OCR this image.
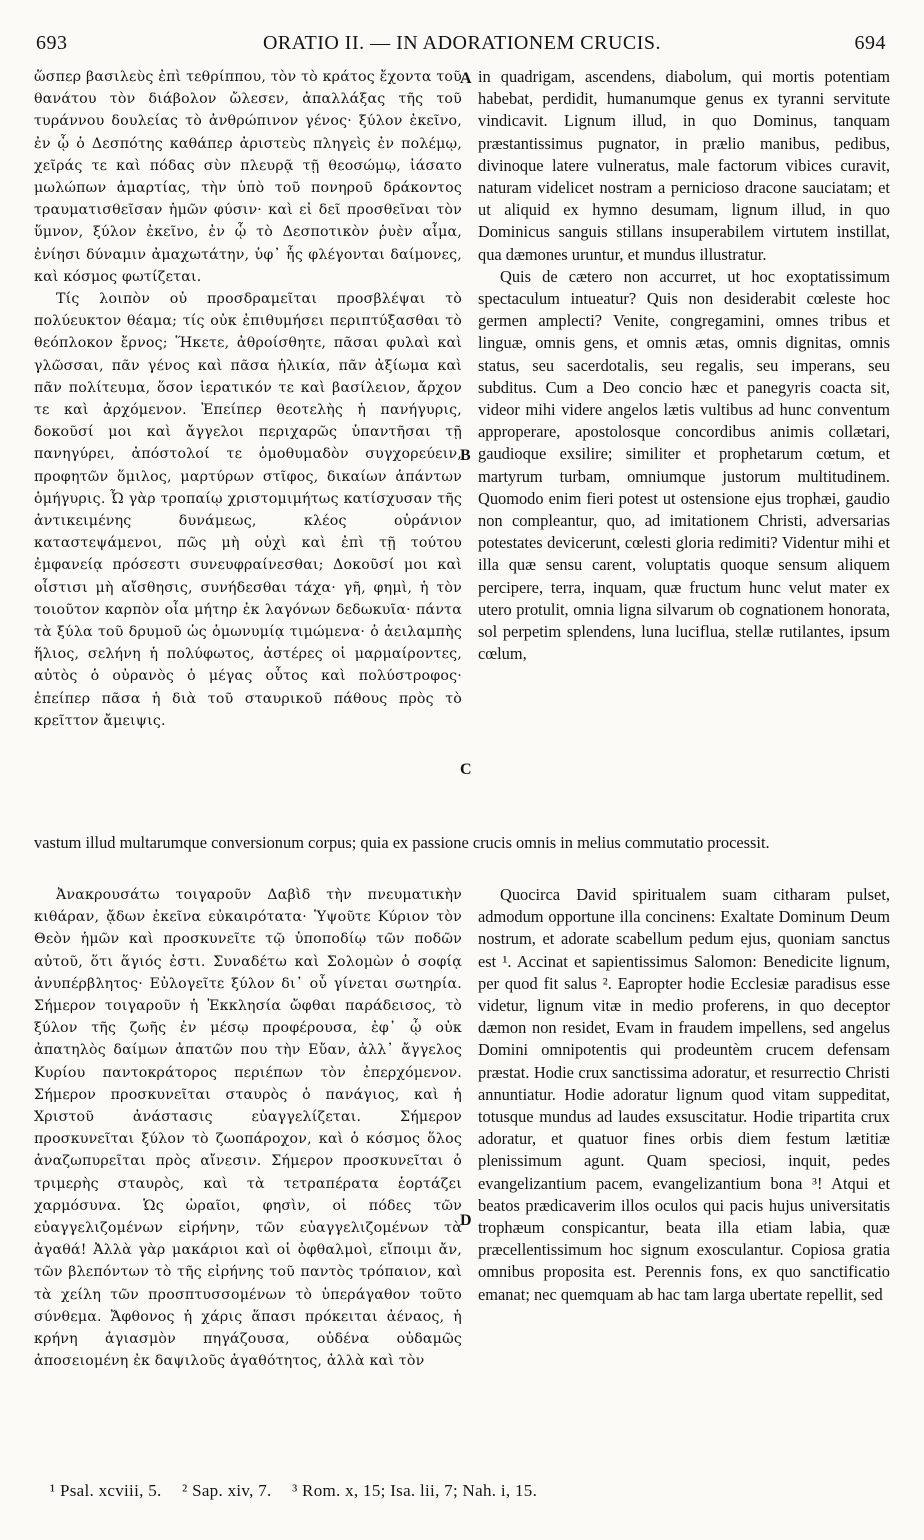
693	ORATIO II. — IN ADORATIONEM CRUCIS.	694

ὥσπερ βασιλεὺς ἐπὶ τεθρίππου, τὸν τὸ κράτος ἔχοντα τοῦ θανάτου τὸν διάβολον ὤλεσεν, ἀπαλλάξας τῆς τοῦ τυράννου δουλείας τὸ ἀνθρώπινον γένος· ξύλον ἐκεῖνο, ἐν ᾧ ὁ Δεσπότης καθάπερ ἀριστεὺς πληγεὶς ἐν πολέμῳ, χεῖράς τε καὶ πόδας σὺν πλευρᾷ τῇ θεοσώμῳ, ἰάσατο μωλώπων ἁμαρτίας, τὴν ὑπὸ τοῦ πονηροῦ δράκοντος τραυματισθεῖσαν ἡμῶν φύσιν· καὶ εἰ δεῖ προσθεῖναι τὸν ὕμνον, ξύλον ἐκεῖνο, ἐν ᾧ τὸ Δεσποτικὸν ῥυὲν αἷμα, ἐνίησι δύναμιν ἀμαχωτάτην, ὑφ᾽ ἧς φλέγονται δαίμονες, καὶ κόσμος φωτίζεται.

Τίς λοιπὸν οὐ προσδραμεῖται προσβλέψαι τὸ πολύευκτον θέαμα; τίς οὐκ ἐπιθυμήσει περιπτύξασθαι τὸ θεόπλοκον ἔρνος; Ἥκετε, ἀθροίσθητε, πᾶσαι φυλαὶ καὶ γλῶσσαι, πᾶν γένος καὶ πᾶσα ἡλικία, πᾶν ἀξίωμα καὶ πᾶν πολίτευμα, ὅσον ἱερατικόν τε καὶ βασίλειον, ἄρχον τε καὶ ἀρχόμενον. Ἐπείπερ θεοτελὴς ἡ πανήγυρις, δοκοῦσί μοι καὶ ἄγγελοι περιχαρῶς ὑπαντῆσαι τῇ πανηγύρει, ἀπόστολοί τε ὁμοθυμαδὸν συγχορεύειν, προφητῶν ὅμιλος, μαρτύρων στῖφος, δικαίων ἁπάντων ὁμήγυρις. Ὦ γὰρ τροπαίῳ χριστομιμήτως κατίσχυσαν τῆς ἀντικειμένης δυνάμεως, κλέος οὐράνιον καταστεψάμενοι, πῶς μὴ οὐχὶ καὶ ἐπὶ τῇ τούτου ἐμφανείᾳ πρόσεστι συνευφραίνεσθαι; Δοκοῦσί μοι καὶ οἷστισι μὴ αἴσθησις, συνήδεσθαι τάχα· γῆ, φημὶ, ἡ τὸν τοιοῦτον καρπὸν οἷα μήτηρ ἐκ λαγόνων δεδωκυῖα· πάντα τὰ ξύλα τοῦ δρυμοῦ ὡς ὁμωνυμίᾳ τιμώμενα· ὁ ἀειλαμπὴς ἥλιος, σελήνη ἡ πολύφωτος, ἀστέρες οἱ μαρμαίροντες, αὐτὸς ὁ οὐρανὸς ὁ μέγας οὗτος καὶ πολύστροφος· ἐπείπερ πᾶσα ἡ διὰ τοῦ σταυρικοῦ πάθους πρὸς τὸ κρεῖττον ἄμειψις.

in quadrigam, ascendens, diabolum, qui mortis potentiam habebat, perdidit, humanumque genus ex tyranni servitute vindicavit. Lignum illud, in quo Dominus, tanquam præstantissimus pugnator, in prælio manibus, pedibus, divinoque latere vulneratus, male factorum vibices curavit, naturam videlicet nostram a pernicioso dracone sauciatam; et ut aliquid ex hymno desumam, lignum illud, in quo Dominicus sanguis stillans insuperabilem virtutem instillat, qua dæmones uruntur, et mundus illustratur.

Quis de cætero non accurret, ut hoc exoptatissimum spectaculum intueatur? Quis non desiderabit cœleste hoc germen amplecti? Venite, congregamini, omnes tribus et linguæ, omnis gens, et omnis ætas, omnis dignitas, omnis status, seu sacerdotalis, seu regalis, seu imperans, seu subditus. Cum a Deo concio hæc et panegyris coacta sit, videor mihi videre angelos lætis vultibus ad hunc conventum approperare, apostolosque concordibus animis collætari, gaudioque exsilire; similiter et prophetarum cœtum, et martyrum turbam, omniumque justorum multitudinem. Quomodo enim fieri potest ut ostensione ejus trophæi, gaudio non compleantur, quo, ad imitationem Christi, adversarias potestates devicerunt, cœlesti gloria redimiti? Videntur mihi et illa quæ sensu carent, voluptatis quoque sensum aliquem percipere, terra, inquam, quæ fructum hunc velut mater ex utero protulit, omnia ligna silvarum ob cognationem honorata, sol perpetim splendens, luna luciflua, stellæ rutilantes, ipsum cœlum,

A
B
C
D

vastum illud multarumque conversionum corpus; quia ex passione crucis omnis in melius commutatio processit.

Ἀνακρουσάτω τοιγαροῦν Δαβὶδ τὴν πνευματικὴν κιθάραν, ᾄδων ἐκεῖνα εὐκαιρότατα· Ὑψοῦτε Κύριον τὸν Θεὸν ἡμῶν καὶ προσκυνεῖτε τῷ ὑποποδίῳ τῶν ποδῶν αὐτοῦ, ὅτι ἅγιός ἐστι. Συναδέτω καὶ Σολομὼν ὁ σοφίᾳ ἀνυπέρβλητος· Εὐλογεῖτε ξύλον δι᾽ οὗ γίνεται σωτηρία. Σήμερον τοιγαροῦν ἡ Ἐκκλησία ὤφθαι παράδεισος, τὸ ξύλον τῆς ζωῆς ἐν μέσῳ προφέρουσα, ἐφ᾽ ᾧ οὐκ ἀπατηλὸς δαίμων ἀπατῶν που τὴν Εὔαν, ἀλλ᾽ ἄγγελος Κυρίου παντοκράτορος περιέπων τὸν ἐπερχόμενον. Σήμερον προσκυνεῖται σταυρὸς ὁ πανάγιος, καὶ ἡ Χριστοῦ ἀνάστασις εὐαγγελίζεται. Σήμερον προσκυνεῖται ξύλον τὸ ζωοπάροχον, καὶ ὁ κόσμος ὅλος ἀναζωπυρεῖται πρὸς αἴνεσιν. Σήμερον προσκυνεῖται ὁ τριμερὴς σταυρὸς, καὶ τὰ τετραπέρατα ἑορτάζει χαρμόσυνα. Ὡς ὡραῖοι, φησὶν, οἱ πόδες τῶν εὐαγγελιζομένων εἰρήνην, τῶν εὐαγγελιζομένων τὰ ἀγαθά! Ἀλλὰ γὰρ μακάριοι καὶ οἱ ὀφθαλμοὶ, εἴποιμι ἄν, τῶν βλεπόντων τὸ τῆς εἰρήνης τοῦ παντὸς τρόπαιον, καὶ τὰ χείλη τῶν προσπτυσσομένων τὸ ὑπεράγαθον τοῦτο σύνθεμα. Ἄφθονος ἡ χάρις ἅπασι πρόκειται ἀέναος, ἡ κρήνη ἁγιασμὸν πηγάζουσα, οὐδένα οὐδαμῶς ἀποσειομένη ἐκ δαψιλοῦς ἀγαθότητος, ἀλλὰ καὶ τὸν

Quocirca David spiritualem suam citharam pulset, admodum opportune illa concinens: Exaltate Dominum Deum nostrum, et adorate scabellum pedum ejus, quoniam sanctus est ¹. Accinat et sapientissimus Salomon: Benedicite lignum, per quod fit salus ². Eapropter hodie Ecclesiæ paradisus esse videtur, lignum vitæ in medio proferens, in quo deceptor dæmon non residet, Evam in fraudem impellens, sed angelus Domini omnipotentis qui prodeuntèm crucem defensam præstat. Hodie crux sanctissima adoratur, et resurrectio Christi annuntiatur. Hodie adoratur lignum quod vitam suppeditat, totusque mundus ad laudes exsuscitatur. Hodie tripartita crux adoratur, et quatuor fines orbis diem festum lætitiæ plenissimum agunt. Quam speciosi, inquit, pedes evangelizantium pacem, evangelizantium bona ³! Atqui et beatos prædicaverim illos oculos qui pacis hujus universitatis trophæum conspicantur, beata illa etiam labia, quæ præcellentissimum hoc signum exosculantur. Copiosa gratia omnibus proposita est. Perennis fons, ex quo sanctificatio emanat; nec quemquam ab hac tam larga ubertate repellit, sed

¹ Psal. xcviii, 5. ² Sap. xiv, 7. ³ Rom. x, 15; Isa. lii, 7; Nah. i, 15.
